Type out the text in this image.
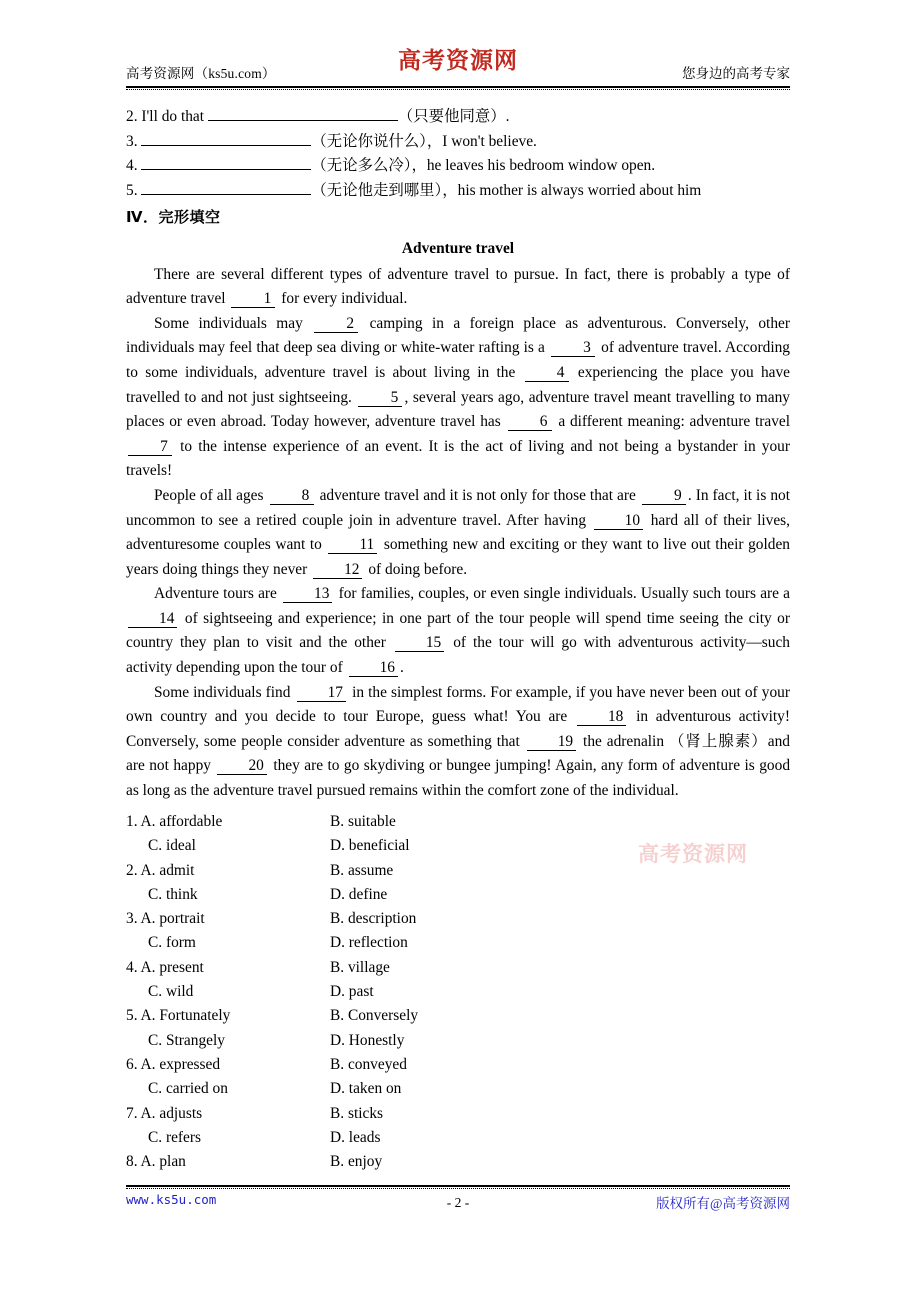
高考资源网（ks5u.com）	高考资源网	您身边的高考专家
2. I'll do that	（只要他同意）.
3.	（无论你说什么），I won't believe.
4.	（无论多么冷），he leaves his bedroom window open.
5.	（无论他走到哪里），his mother is always worried about him
Ⅳ．完形填空
Adventure travel

There are several different types of adventure travel to pursue. In fact, there is probably a type of adventure travel 1 for every individual.

Some individuals may	2 camping in a foreign place as adventurous. Conversely, other individuals may feel that deep sea diving or white-water rafting is a 3 of adventure travel. According to some individuals, adventure travel is about living in the	4 experiencing the place you have travelled to and not just sightseeing.	5 , several years ago, adventure travel meant travelling to many places or even abroad. Today however, adventure travel has	6 a different meaning: adventure travel 7 to the intense experience of an event. It is the act of living and not being a bystander in your travels!

People of all ages 8 adventure travel and it is not only for those that are 9 . In fact, it is not uncommon to see a retired couple join in adventure travel. After having	10 hard all of their lives, adventuresome couples want to 11 something new and exciting or they want to live out their golden years doing things they never 12 of doing before.

Adventure tours are 13 for families, couples, or even single individuals. Usually such tours are a 14 of sightseeing and experience; in one part of the tour people will spend time seeing the city or country they plan to visit and the other	15 of the tour will go with adventurous activity—such activity depending upon the tour of 16 .

Some individuals find 17 in the simplest forms. For example, if you have never been out of your own country and you decide to tour Europe, guess what! You are	18 in adventurous activity! Conversely, some people consider adventure as something that 19 the adrenalin （肾上腺素）and are not happy 20 they are to go skydiving or bungee jumping! Again, any form of adventure is good as long as the adventure travel pursued remains within the comfort zone of the individual.

高考资源网
1. A. affordable	B. suitable
C. ideal	D. beneficial
2. A. admit	B. assume
C. think	D. define
3. A. portrait	B. description
C. form	D. reflection
4. A. present	B. village
C. wild	D. past
5. A. Fortunately	B. Conversely
C. Strangely	D. Honestly
6. A. expressed	B. conveyed
C. carried on	D. taken on
7. A. adjusts	B. sticks
C. refers	D. leads
8. A. plan	B. enjoy
www.ks5u.com	- 2 -	版权所有@高考资源网
